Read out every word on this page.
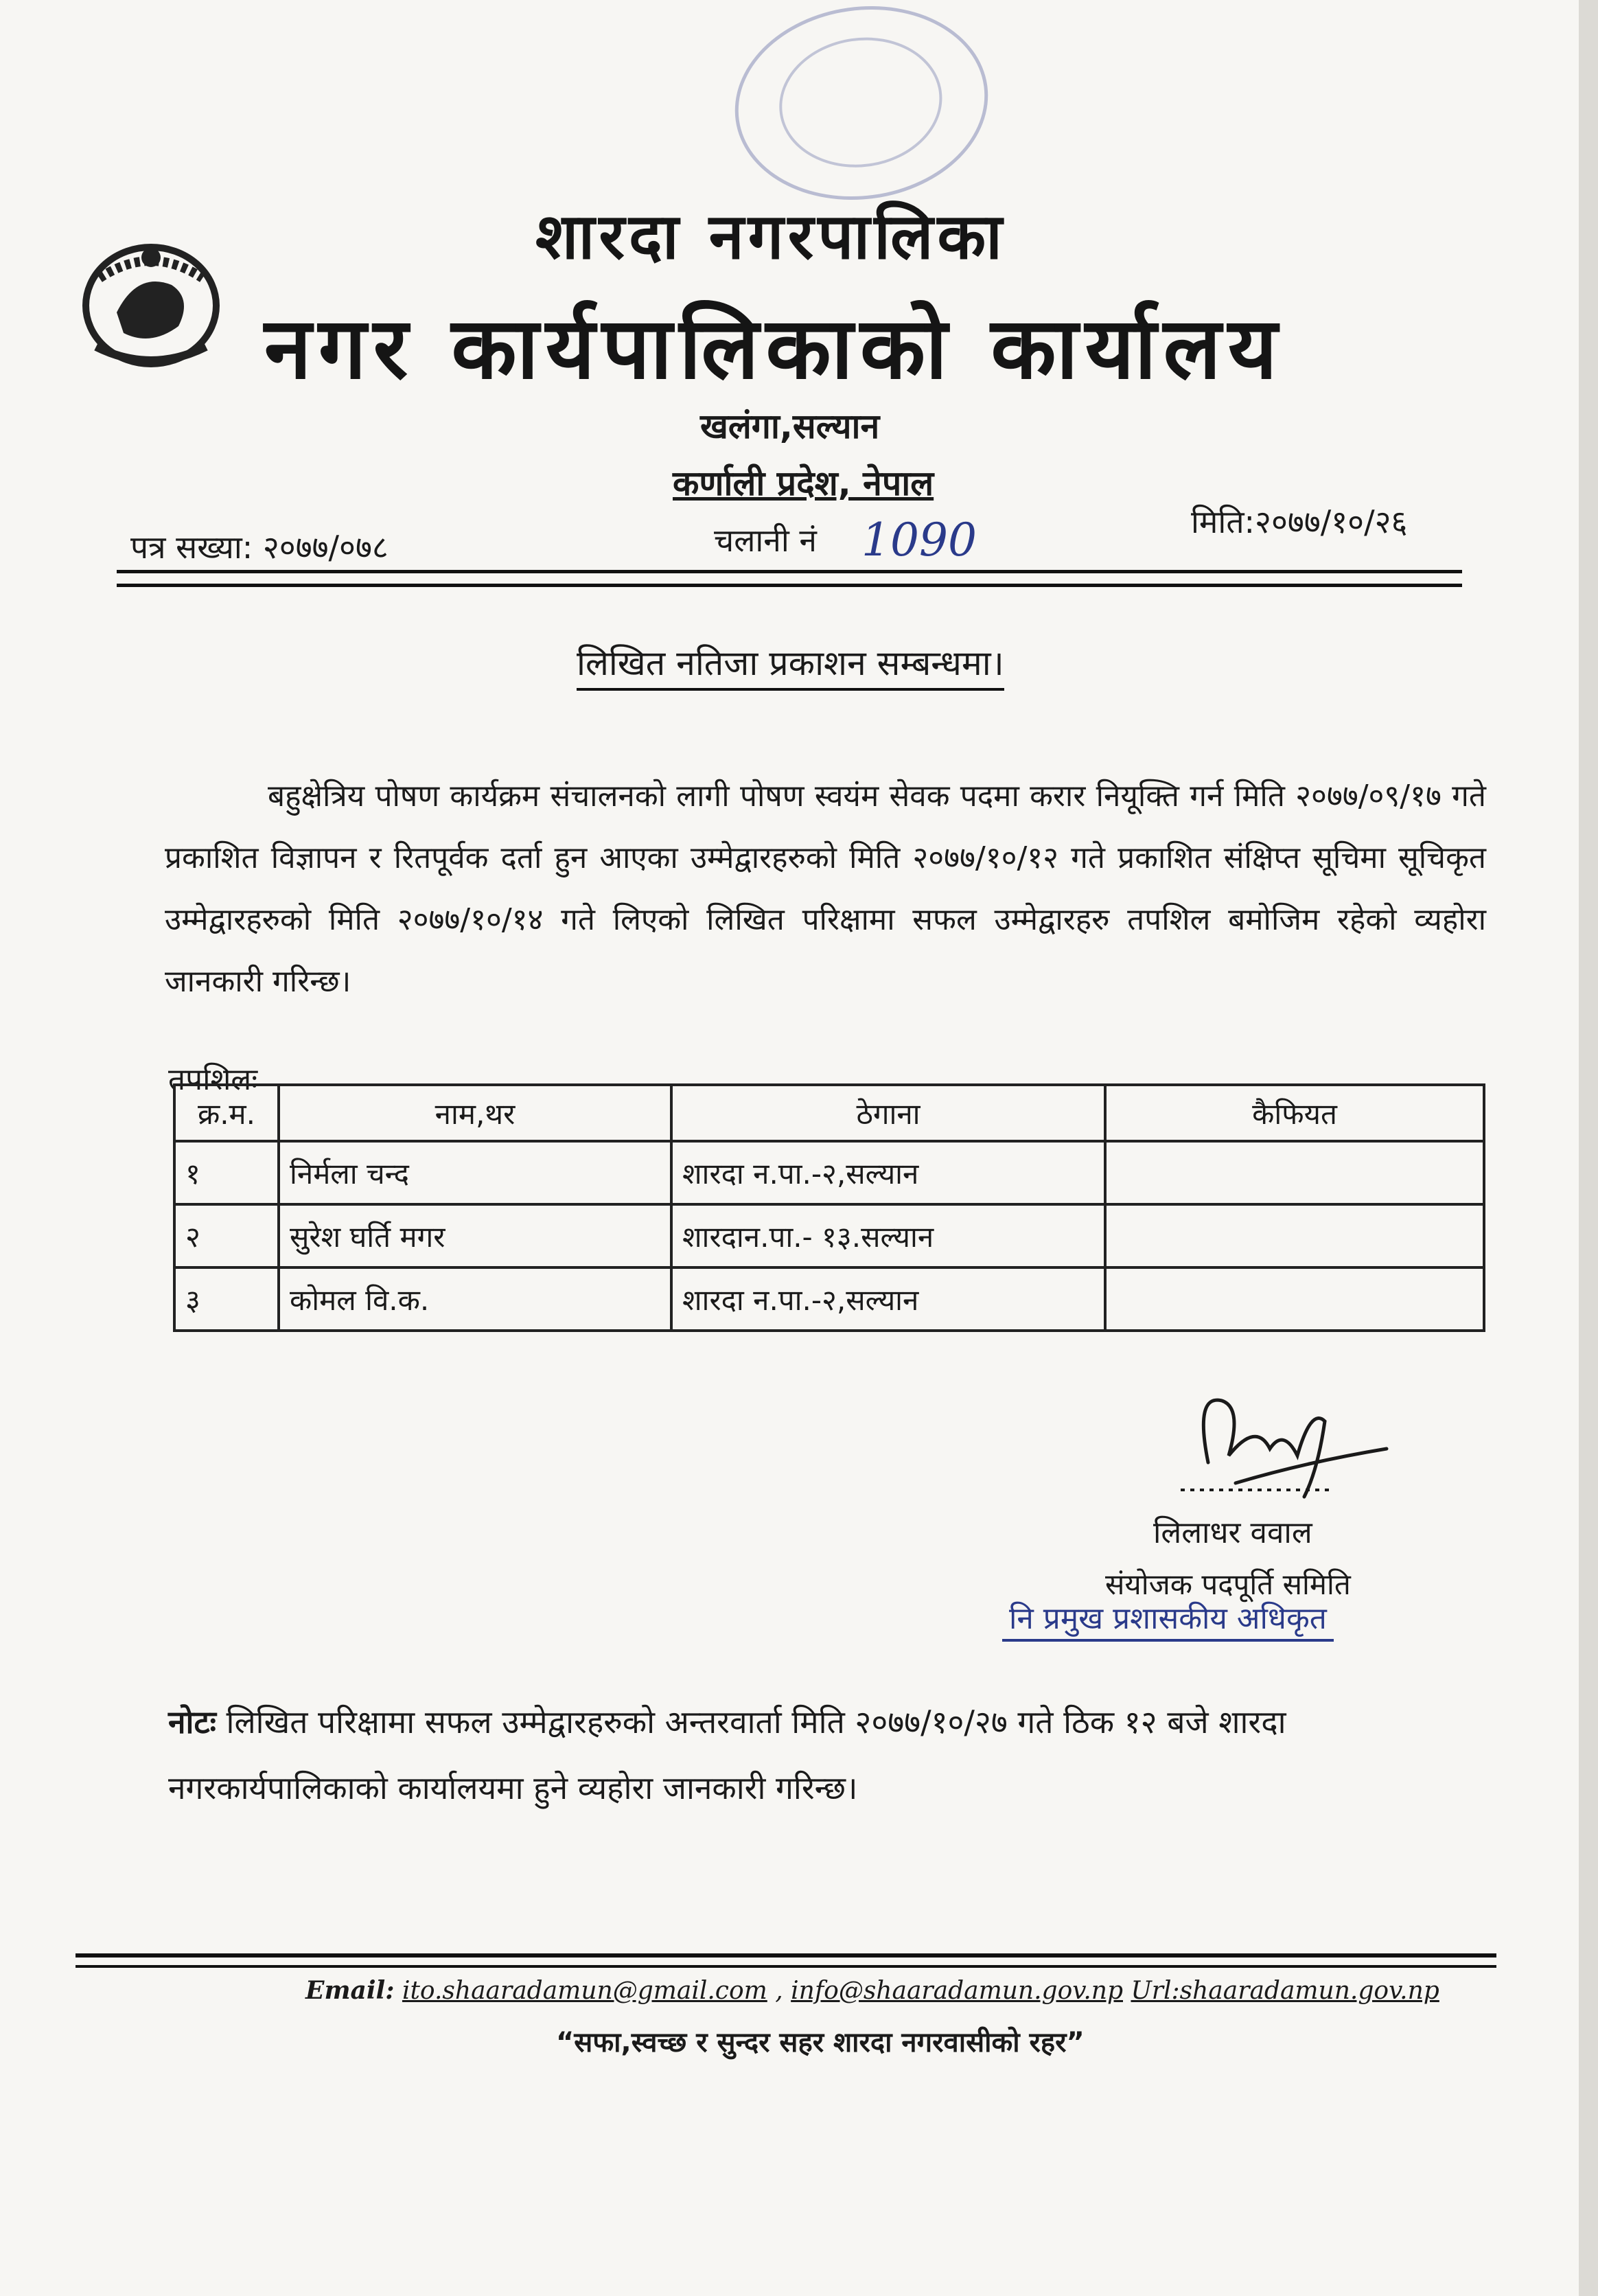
शारदा नगरपालिका
नगर कार्यपालिकाको कार्यालय
खलंगा,सल्यान
कर्णाली प्रदेश, नेपाल
पत्र सख्या: २०७७/०७८	चलानी नं 1090	मिति:२०७७/१०/२६
लिखित नतिजा प्रकाशन सम्बन्धमा।
बहुक्षेत्रिय पोषण कार्यक्रम संचालनको लागी पोषण स्वयंम सेवक पदमा करार नियूक्ति गर्न मिति २०७७/०९/१७ गते प्रकाशित विज्ञापन र रितपूर्वक दर्ता हुन आएका उम्मेद्वारहरुको मिति २०७७/१०/१२ गते प्रकाशित संक्षिप्त सूचिमा सूचिकृत उम्मेद्वारहरुको मिति २०७७/१०/१४ गते लिएको लिखित परिक्षामा सफल उम्मेद्वारहरु तपशिल बमोजिम रहेको व्यहोरा जानकारी गरिन्छ।
तपशिलः
क्र.म.	नाम,थर	ठेगाना	कैफियत
१	निर्मला चन्द	शारदा न.पा.-२,सल्यान	
२	सुरेश घर्ति मगर	शारदान.पा.- १३.सल्यान	
३	कोमल वि.क.	शारदा न.पा.-२,सल्यान	
लिलाधर ववाल
संयोजक पदपूर्ति समिति
नि प्रमुख प्रशासकीय अधिकृत
नोटः लिखित परिक्षामा सफल उम्मेद्वारहरुको अन्तरवार्ता मिति २०७७/१०/२७ गते ठिक १२ बजे शारदा नगरकार्यपालिकाको कार्यालयमा हुने व्यहोरा जानकारी गरिन्छ।
Email: ito.shaaradamun@gmail.com , info@shaaradamun.gov.np Url:shaaradamun.gov.np
“सफा,स्वच्छ र सुन्दर सहर शारदा नगरवासीको रहर”
